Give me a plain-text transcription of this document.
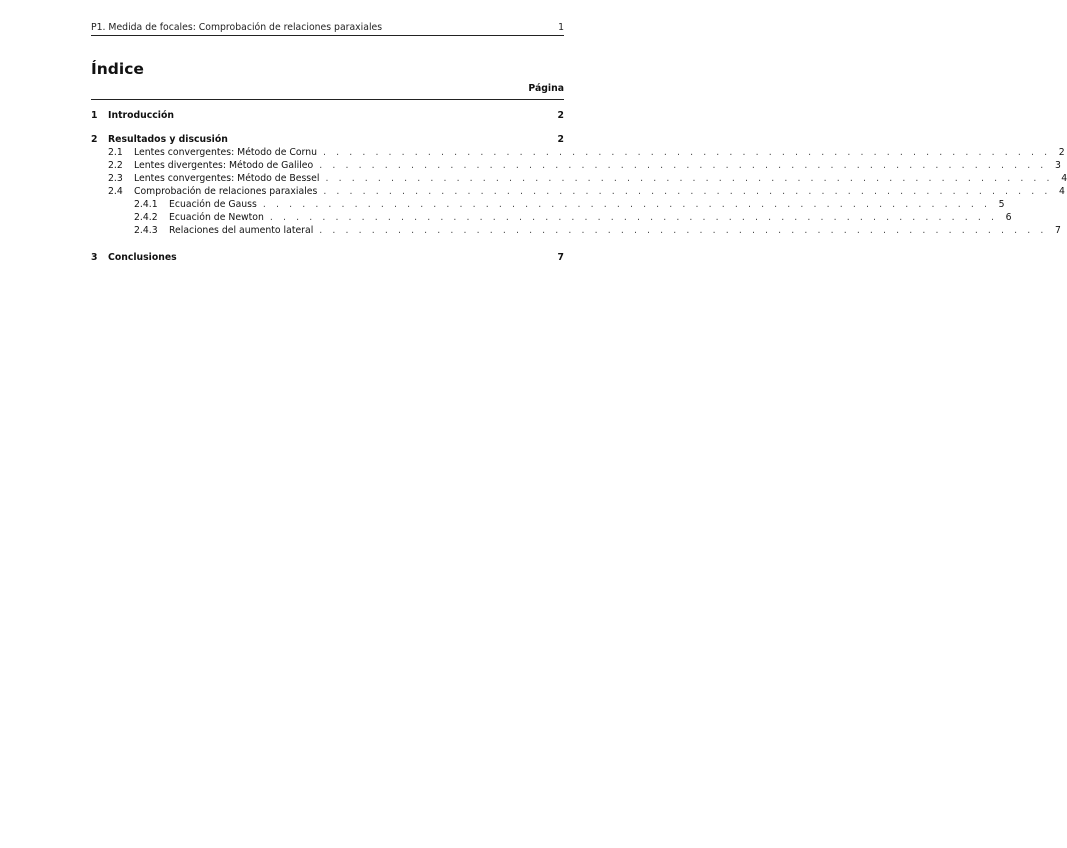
P1. Medida de focales: Comprobación de relaciones paraxiales	1
Índice
Página
1	Introducción	2
2	Resultados y discusión	2
2.1	Lentes convergentes: Método de Cornu . . . . . . . . . . . . . . . . . . . . . . . . . . . . . . . . . . . . . . . . . . . . . . . . . . . . . . . . 2
2.2	Lentes divergentes: Método de Galileo . . . . . . . . . . . . . . . . . . . . . . . . . . . . . . . . . . . . . . . . . . . . . . . . . . . . . . . . 3
2.3	Lentes convergentes: Método de Bessel . . . . . . . . . . . . . . . . . . . . . . . . . . . . . . . . . . . . . . . . . . . . . . . . . . . . . . . . 4
2.4	Comprobación de relaciones paraxiales . . . . . . . . . . . . . . . . . . . . . . . . . . . . . . . . . . . . . . . . . . . . . . . . . . . . . . . . 4
2.4.1	Ecuación de Gauss . . . . . . . . . . . . . . . . . . . . . . . . . . . . . . . . . . . . . . . . . . . . . . . . . . . . . . . . 5
2.4.2	Ecuación de Newton . . . . . . . . . . . . . . . . . . . . . . . . . . . . . . . . . . . . . . . . . . . . . . . . . . . . . . . . 6
2.4.3	Relaciones del aumento lateral . . . . . . . . . . . . . . . . . . . . . . . . . . . . . . . . . . . . . . . . . . . . . . . . . . . . . . . . 7
3	Conclusiones	7
